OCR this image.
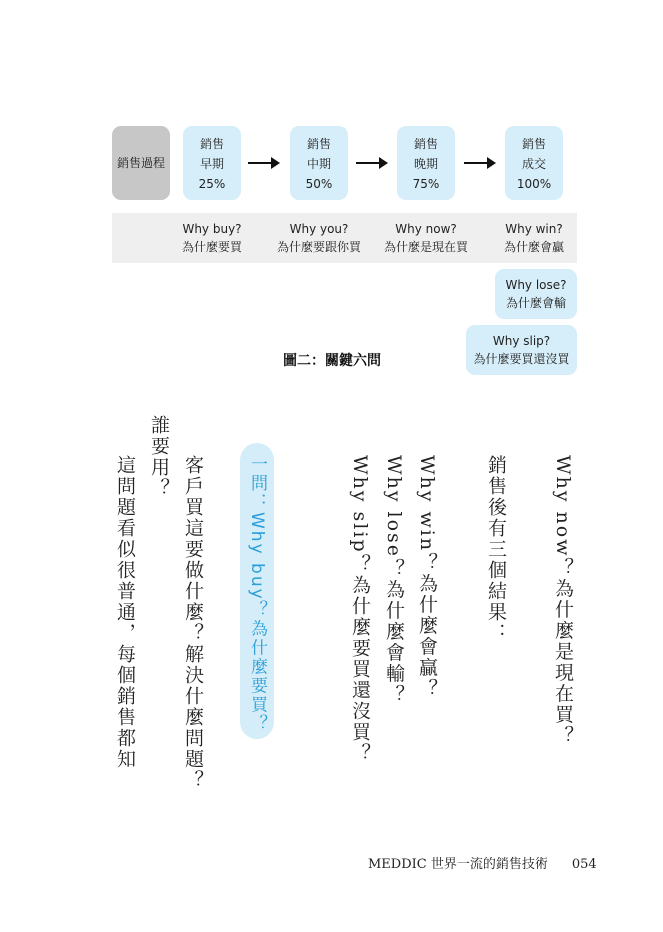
銷售過程
銷售
早期
25%
銷售
中期
50%
銷售
晚期
75%
銷售
成交
100%
Why buy?
為什麼要買
Why you?
為什麼要跟你買
Why now?
為什麼是現在買
Why win?
為什麼會贏
Why lose?
為什麼會輸
Why slip?
為什麼要買還沒買
圖二：關鍵六問
Why now？為什麼是現在買？
銷售後有三個結果：
Why win？為什麼會贏？
Why lose？為什麼會輸？
Why slip？為什麼要買還沒買？
一問：Why buy？為什麼要買？
客戶買這要做什麼？解決什麼問題？
誰要用？
這問題看似很普通，每個銷售都知
MEDDIC 世界一流的銷售技術 054
